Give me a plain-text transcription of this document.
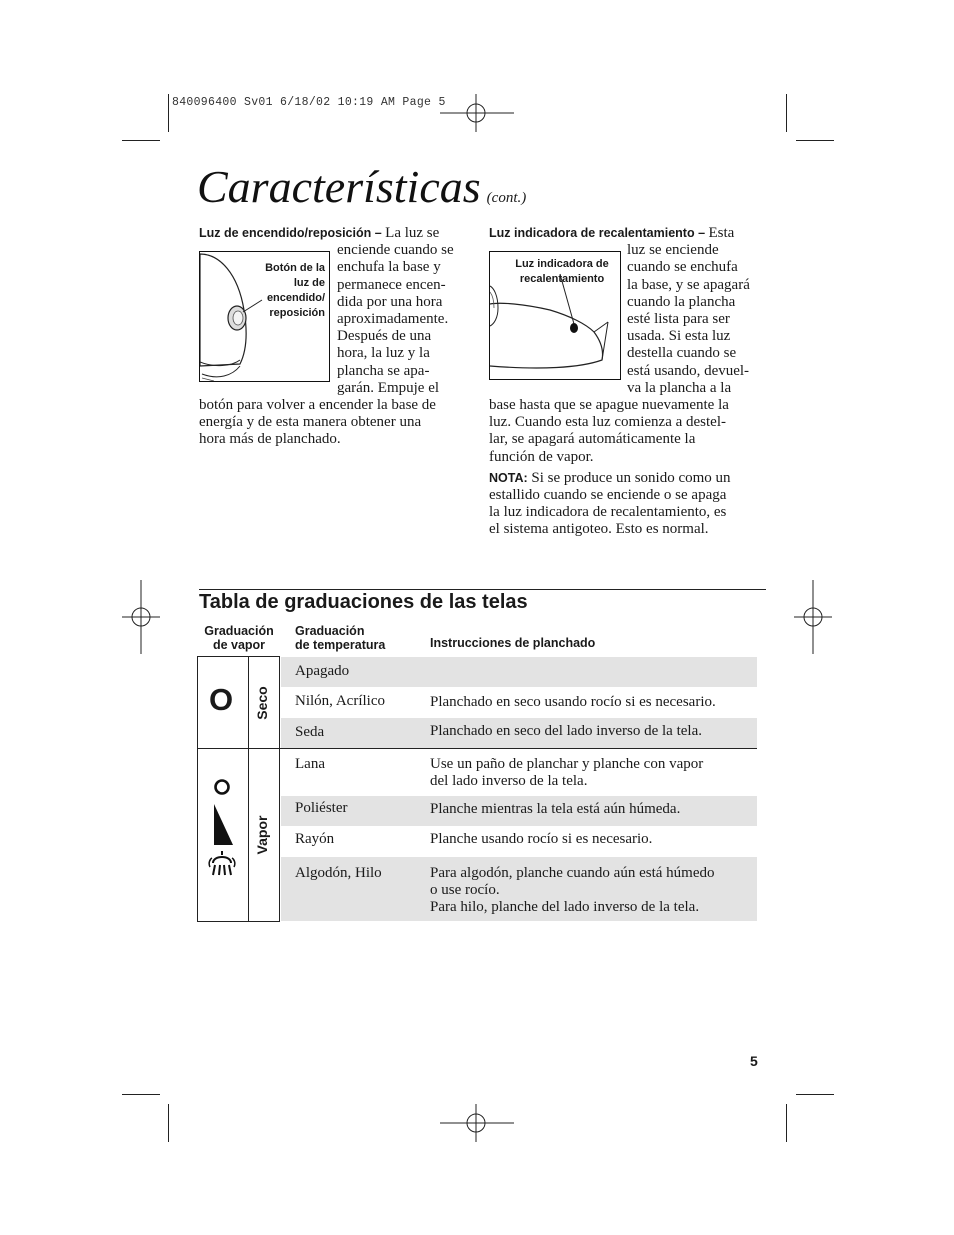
840096400 Sv01 6/18/02 10:19 AM Page 5
Características (cont.)
Luz de encendido/reposición – La luz se
enciende cuando se
enchufa la base y
permanece encen-
dida por una hora
aproximadamente.
Después de una
hora, la luz y la
plancha se apa-
garán. Empuje el
botón para volver a encender la base de
energía y de esta manera obtener una
hora más de planchado.
Botón de la
luz de
encendido/
reposición
Luz indicadora de recalentamiento – Esta
luz se enciende
cuando se enchufa
la base, y se apagará
cuando la plancha
esté lista para ser
usada. Si esta luz
destella cuando se
está usando, devuel-
va la plancha a la
base hasta que se apague nuevamente la
luz. Cuando esta luz comienza a destel-
lar, se apagará automáticamente la
función de vapor.
NOTA: Si se produce un sonido como un
estallido cuando se enciende o se apaga
la luz indicadora de recalentamiento, es
el sistema antigoteo. Esto es normal.
Luz indicadora de
recalentamiento
Tabla de graduaciones de las telas
Graduación
de vapor
Graduación
de temperatura	Instrucciones de planchado
O Seco
Vapor
Apagado
Nilón, Acrílico	Planchado en seco usando rocío si es necesario.
Seda	Planchado en seco del lado inverso de la tela.
Lana	Use un paño de planchar y planche con vapor
del lado inverso de la tela.
Poliéster	Planche mientras la tela está aún húmeda.
Rayón	Planche usando rocío si es necesario.
Algodón, Hilo	Para algodón, planche cuando aún está húmedo
o use rocío.
Para hilo, planche del lado inverso de la tela.
5
